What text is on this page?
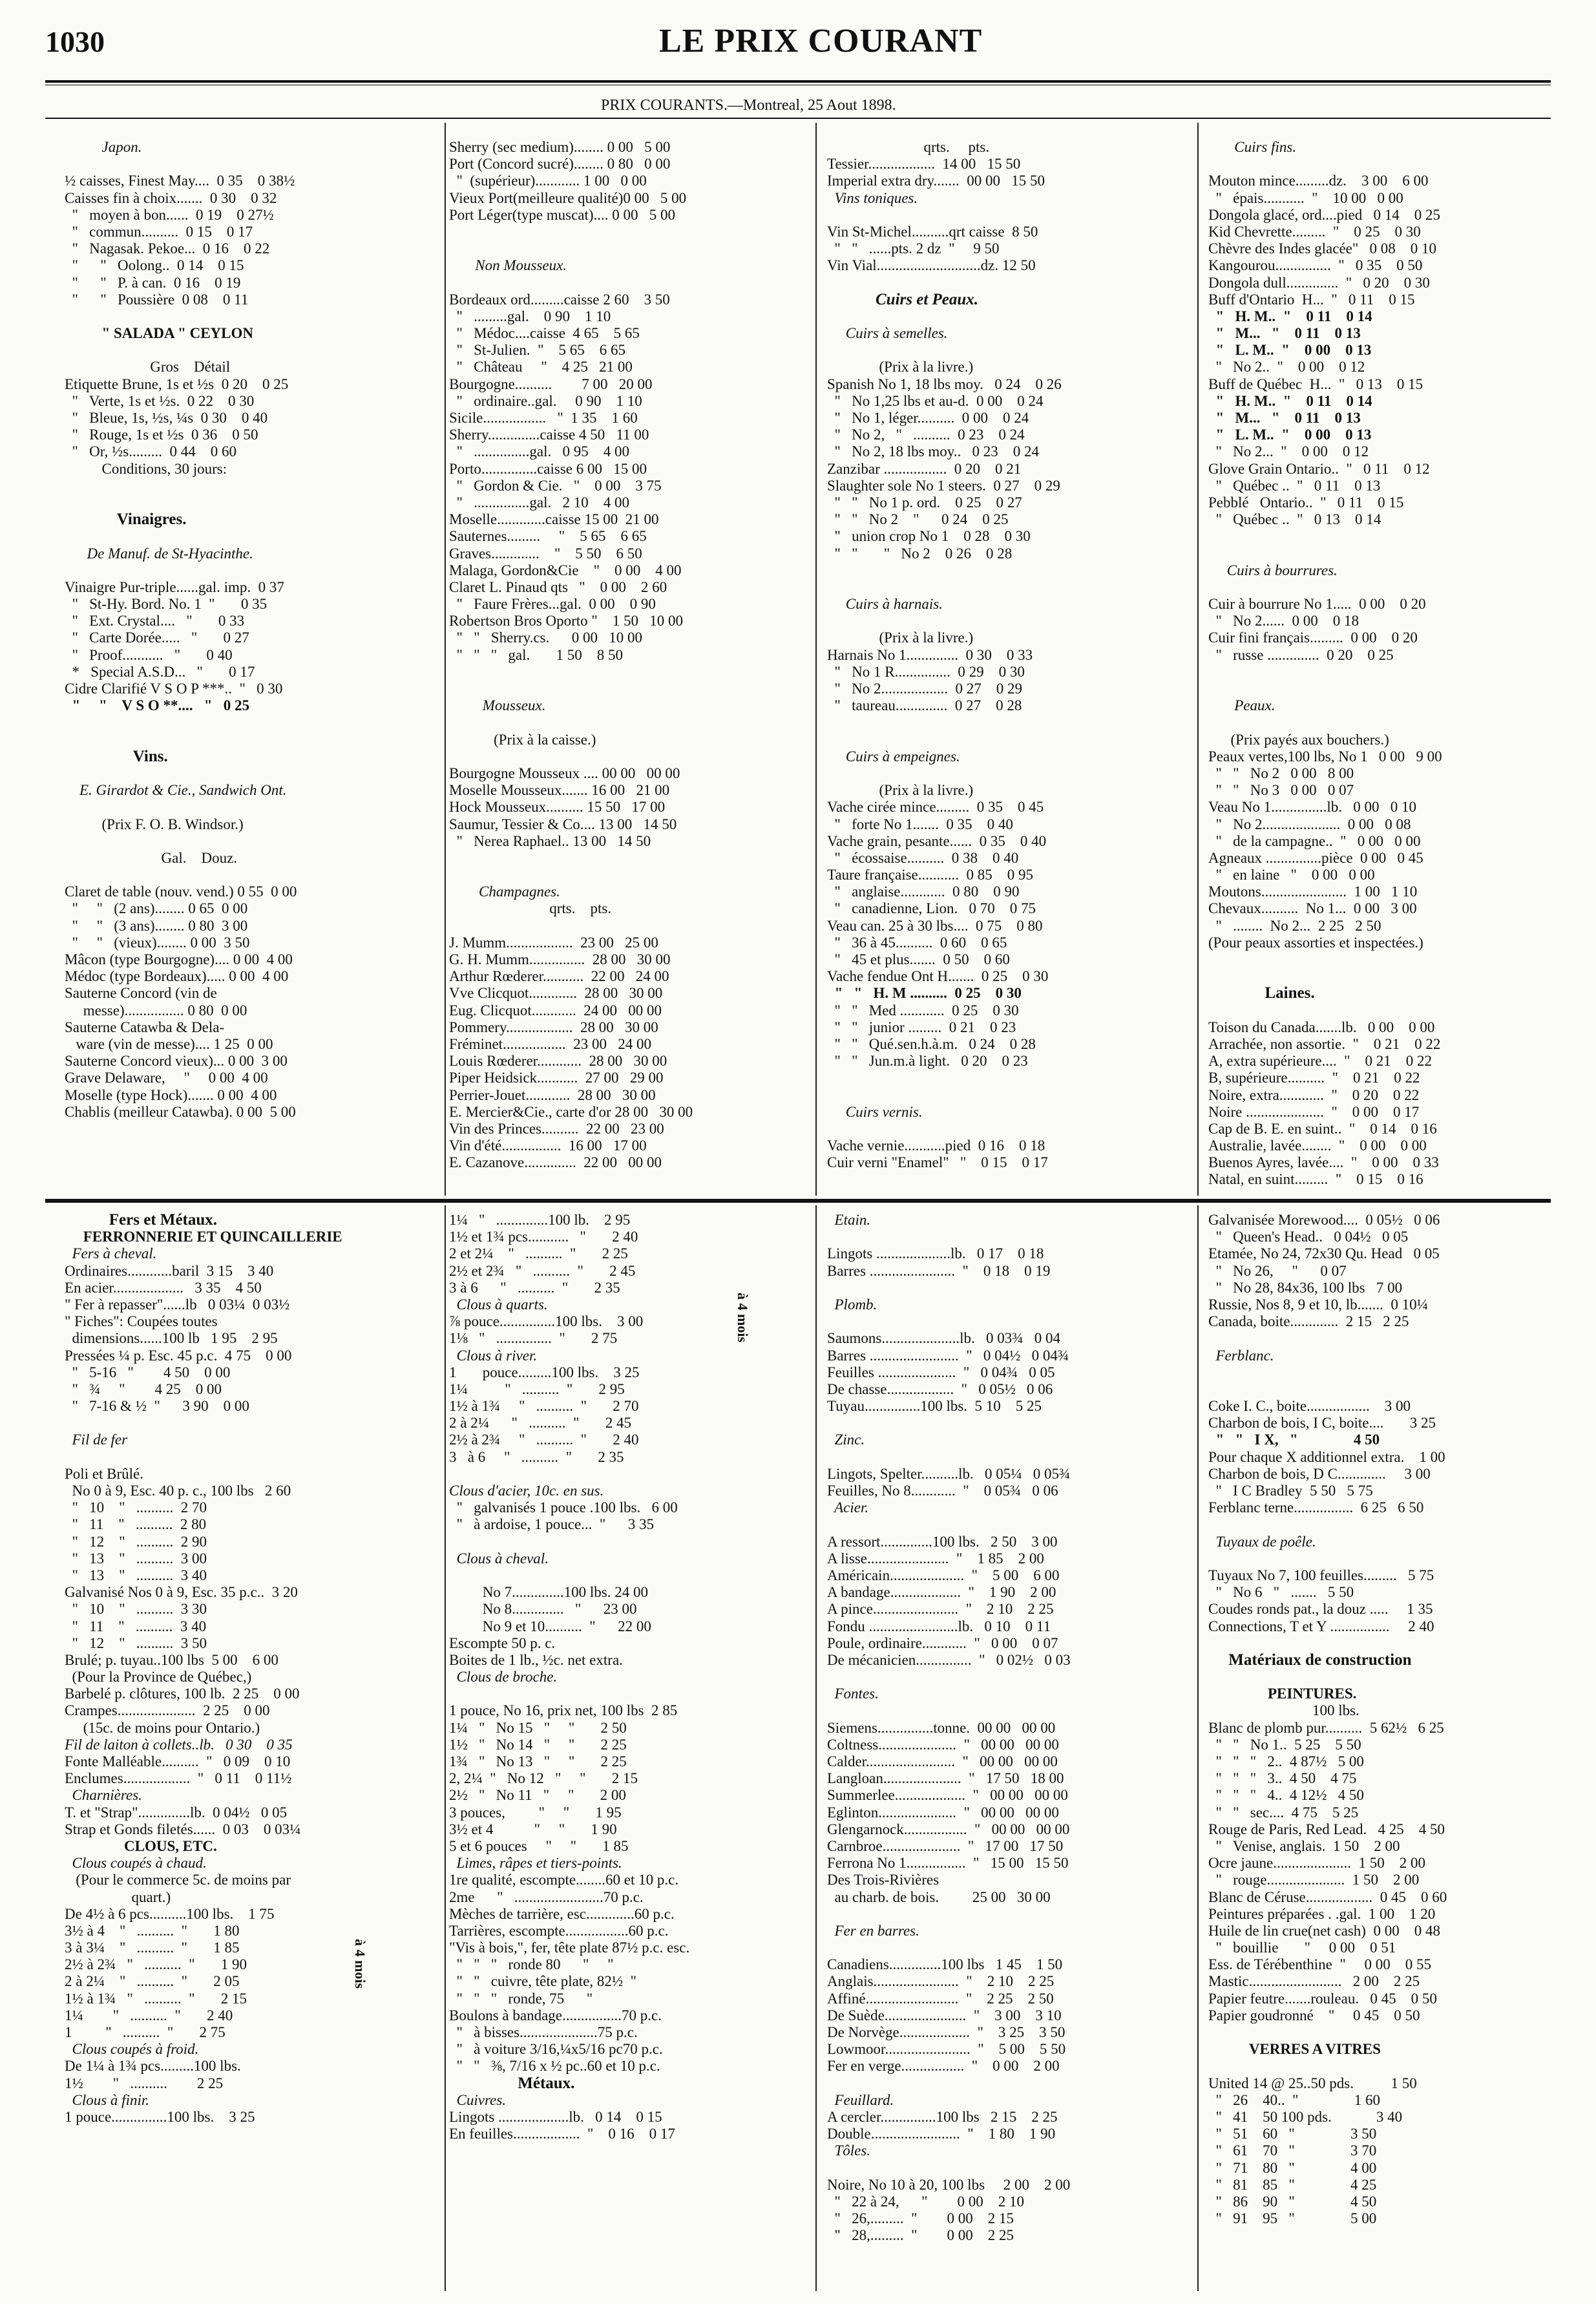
1030	LE PRIX COURANT
PRIX COURANTS.—Montreal, 25 Aout 1898.
Japon.
½ caisses, Finest May....  0 35    0 38½
Caisses fin à choix.......  0 30    0 32
"   moyen à bon......  0 19    0 27½
"   commun..........  0 15    0 17
"   Nagasak. Pekoe...  0 16    0 22
"      "   Oolong..  0 14    0 15
"      "   P. à can.  0 16    0 19
"      "   Poussière  0 08    0 11
" SALADA " CEYLON
Gros    Détail
Etiquette Brune, 1s et ½s  0 20    0 25
"   Verte, 1s et ½s.  0 22    0 30
"   Bleue, 1s, ½s, ¼s  0 30    0 40
"   Rouge, 1s et ½s  0 36    0 50
"   Or, ½s.........  0 44    0 60
Conditions, 30 jours:
Vinaigres.
De Manuf. de St-Hyacinthe.
Vinaigre Pur-triple......gal. imp.  0 37
"   St-Hy. Bord. No. 1  "       0 35
"   Ext. Crystal....   "       0 33
"   Carte Dorée.....   "       0 27
"   Proof...........   "       0 40
*   Special A.S.D...   "       0 17
Cidre Clarifié V S O P ***..  "   0 30
"     "    V S O **....   "   0 25
Vins.
E. Girardot & Cie., Sandwich Ont.
(Prix F. O. B. Windsor.)
Gal.    Douz.
Claret de table (nouv. vend.) 0 55  0 00
"     "   (2 ans)........ 0 65  0 00
"     "   (3 ans)........ 0 80  3 00
"     "   (vieux)........ 0 00  3 50
Mâcon (type Bourgogne).... 0 00  4 00
Médoc (type Bordeaux)..... 0 00  4 00
Sauterne Concord (vin de
messe)................ 0 80  0 00
Sauterne Catawba & Dela-
ware (vin de messe).... 1 25  0 00
Sauterne Concord vieux)... 0 00  3 00
Grave Delaware,     "     0 00  4 00
Moselle (type Hock)....... 0 00  4 00
Chablis (meilleur Catawba). 0 00  5 00
Sherry (sec medium)........ 0 00   5 00
Port (Concord sucré)........ 0 80   0 00
"  (supérieur)............ 1 00   0 00
Vieux Port(meilleure qualité)0 00   5 00
Port Léger(type muscat).... 0 00   5 00
Non Mousseux.
Bordeaux ord.........caisse 2 60    3 50
"   .........gal.    0 90    1 10
"   Médoc....caisse  4 65    5 65
"   St-Julien.  "    5 65    6 65
"   Château     "    4 25   21 00
Bourgogne..........        7 00   20 00
"   ordinaire..gal.     0 90    1 10
Sicile.................   "  1 35    1 60
Sherry..............caisse 4 50   11 00
"   ...............gal.   0 95    4 00
Porto...............caisse 6 00   15 00
"   Gordon & Cie.   "    0 00    3 75
"   ...............gal.   2 10    4 00
Moselle.............caisse 15 00  21 00
Sauternes.........     "    5 65    6 65
Graves.............    "    5 50    6 50
Malaga, Gordon&Cie    "    0 00    4 00
Claret L. Pinaud qts   "    0 00    2 60
"   Faure Frères...gal.  0 00    0 90
Robertson Bros Oporto "    1 50   10 00
"   "   Sherry.cs.      0 00   10 00
"   "   "   gal.       1 50    8 50
Mousseux.
(Prix à la caisse.)
Bourgogne Mousseux .... 00 00   00 00
Moselle Mousseux....... 16 00   21 00
Hock Mousseux.......... 15 50   17 00
Saumur, Tessier & Co.... 13 00   14 50
"   Nerea Raphael.. 13 00   14 50
Champagnes.
qrts.    pts.
J. Mumm..................  23 00   25 00
G. H. Mumm...............  28 00   30 00
Arthur Rœderer...........  22 00   24 00
Vve Clicquot.............  28 00   30 00
Eug. Clicquot............  24 00   00 00
Pommery..................  28 00   30 00
Fréminet.................  23 00   24 00
Louis Rœderer............  28 00   30 00
Piper Heidsick...........  27 00   29 00
Perrier-Jouet............  28 00   30 00
E. Mercier&Cie., carte d'or 28 00   30 00
Vin des Princes..........  22 00   23 00
Vin d'été................  16 00   17 00
E. Cazanove..............  22 00   00 00
qrts.     pts.
Tessier..................  14 00   15 50
Imperial extra dry.......  00 00   15 50
Vins toniques.
Vin St-Michel..........qrt caisse  8 50
"   "   ......pts. 2 dz  "     9 50
Vin Vial............................dz. 12 50
Cuirs et Peaux.
Cuirs à semelles.
(Prix à la livre.)
Spanish No 1, 18 lbs moy.   0 24    0 26
"   No 1,25 lbs et au-d.  0 00    0 24
"   No 1, léger..........  0 00    0 24
"   No 2,   "   ..........  0 23    0 24
"   No 2, 18 lbs moy..   0 23    0 24
Zanzibar .................  0 20    0 21
Slaughter sole No 1 steers.  0 27    0 29
"   "   No 1 p. ord.    0 25    0 27
"   "   No 2    "      0 24    0 25
"   union crop No 1    0 28    0 30
"   "       "   No 2    0 26    0 28
Cuirs à harnais.
(Prix à la livre.)
Harnais No 1..............  0 30    0 33
"   No 1 R...............  0 29    0 30
"   No 2..................  0 27    0 29
"   taureau..............  0 27    0 28
Cuirs à empeignes.
(Prix à la livre.)
Vache cirée mince.........  0 35    0 45
"   forte No 1.......  0 35    0 40
Vache grain, pesante......  0 35    0 40
"   écossaise..........  0 38    0 40
Taure française...........  0 85    0 95
"   anglaise............  0 80    0 90
"   canadienne, Lion.   0 70    0 75
Veau can. 25 à 30 lbs....  0 75    0 80
"   36 à 45..........  0 60    0 65
"   45 et plus.......  0 50    0 60
Vache fendue Ont H.......  0 25    0 30
"   "   H. M ..........  0 25    0 30
"   "   Med ............  0 25    0 30
"   "   junior .........  0 21    0 23
"   "   Qué.sen.h.à.m.   0 24    0 28
"   "   Jun.m.à light.   0 20    0 23
Cuirs vernis.
Vache vernie...........pied  0 16    0 18
Cuir verni "Enamel"   "    0 15    0 17
Cuirs fins.
Mouton mince.........dz.    3 00    6 00
"   épais...........  "    10 00   0 00
Dongola glacé, ord....pied   0 14    0 25
Kid Chevrette.........  "    0 25    0 30
Chèvre des Indes glacée"   0 08    0 10
Kangourou...............  "   0 35    0 50
Dongola dull..............  "   0 20    0 30
Buff d'Ontario  H...  "   0 11    0 15
"   H. M..  "    0 11    0 14
"   M...   "    0 11    0 13
"   L. M..  "    0 00    0 13
"   No 2..  "    0 00    0 12
Buff de Québec  H...  "   0 13    0 15
"   H. M..  "    0 11    0 14
"   M...   "    0 11    0 13
"   L. M..  "    0 00    0 13
"   No 2...  "    0 00    0 12
Glove Grain Ontario..  "   0 11    0 12
"   Québec ..  "   0 11    0 13
Pebblé   Ontario..  "   0 11    0 15
"   Québec ..  "   0 13    0 14
Cuirs à bourrures.
Cuir à bourrure No 1.....  0 00    0 20
"   No 2......  0 00    0 18
Cuir fini français.........  0 00    0 20
"   russe ..............  0 20    0 25
Peaux.
(Prix payés aux bouchers.)
Peaux vertes,100 lbs, No 1   0 00   9 00
"   "   No 2   0 00   8 00
"   "   No 3   0 00   0 07
Veau No 1...............lb.   0 00   0 10
"   No 2.....................  0 00   0 08
"   de la campagne..  "   0 00   0 00
Agneaux ...............pièce  0 00   0 45
"   en laine   "    0 00   0 00
Moutons.......................  1 00   1 10
Chevaux..........  No 1...  0 00   3 00
"   ........  No 2...  2 25   2 50
(Pour peaux assorties et inspectées.)
Laines.
Toison du Canada.......lb.   0 00    0 00
Arrachée, non assortie.  "    0 21    0 22
A, extra supérieure....  "    0 21    0 22
B, supérieure..........  "    0 21    0 22
Noire, extra............  "    0 20    0 22
Noire .....................  "    0 00    0 17
Cap de B. E. en suint..  "    0 14    0 16
Australie, lavée........  "    0 00    0 00
Buenos Ayres, lavée....  "    0 00    0 33
Natal, en suint.........  "    0 15    0 16
Fers et Métaux.
FERRONNERIE ET QUINCAILLERIE
Fers à cheval.
Ordinaires............baril  3 15    3 40
En acier...................   3 35    4 50
" Fer à repasser"......lb   0 03¼  0 03½
" Fiches": Coupées toutes
dimensions......100 lb   1 95    2 95
Pressées ¼ p. Esc. 45 p.c.  4 75    0 00
"   5-16   "        4 50    0 00
"   ¾     "        4 25    0 00
"   7-16 & ½  "      3 90    0 00
Fil de fer
Poli et Brûlé.
No 0 à 9, Esc. 40 p. c., 100 lbs   2 60
"   10    "   ..........  2 70
"   11    "   ..........  2 80
"   12    "   ..........  2 90
"   13    "   ..........  3 00
"   13    "   ..........  3 40
Galvanisé Nos 0 à 9, Esc. 35 p.c..  3 20
"   10    "   ..........  3 30
"   11    "   ..........  3 40
"   12    "   ..........  3 50
Brulé; p. tuyau..100 lbs  5 00    6 00
(Pour la Province de Québec,)
Barbelé p. clôtures, 100 lb.  2 25    0 00
Crampes.....................  2 25    0 00
(15c. de moins pour Ontario.)
Fil de laiton à collets..lb.   0 30    0 35
Fonte Malléable..........  "   0 09    0 10
Enclumes..................  "   0 11    0 11½
Charnières.
T. et "Strap"..............lb.  0 04½   0 05
Strap et Gonds filetés......  0 03    0 03¼
CLOUS, ETC.
Clous coupés à chaud.
(Pour le commerce 5c. de moins par
quart.)
De 4½ à 6 pcs..........100 lbs.    1 75
3½ à 4    "   ..........  "       1 80
3 à 3¼    "   ..........  "       1 85
2½ à 2¾   "   ..........  "       1 90
2 à 2¼    "   ..........  "       2 05
1½ à 1¾   "   ..........  "       2 15
1¼        "   ..........  "       2 40
1         "   ..........  "       2 75
Clous coupés à froid.
De 1¼ à 1¾ pcs.........100 lbs.
1½        "   ..........        2 25
Clous à finir.
1 pouce...............100 lbs.    3 25
1¼   "   ..............100 lb.    2 95
1½ et 1¾ pcs...........   "       2 40
2 et 2¼    "   ..........  "       2 25
2½ et 2¾   "   ..........  "       2 45
3 à 6      "   ..........  "       2 35
Clous à quarts.
⅞ pouce...............100 lbs.    3 00
1⅛   "   ...............  "       2 75
Clous à river.
1       pouce.........100 lbs.    3 25
1¼          "   ..........  "       2 95
1½ à 1¾     "   ..........  "       2 70
2 à 2¼      "   ..........  "       2 45
2½ à 2¾     "   ..........  "       2 40
3   à 6     "   ..........  "       2 35
Clous d'acier, 10c. en sus.
"   galvanisés 1 pouce .100 lbs.   6 00
"   à ardoise, 1 pouce...  "      3 35
Clous à cheval.
No 7..............100 lbs. 24 00
No 8..............   "      23 00
No 9 et 10..........  "      22 00
Escompte 50 p. c.
Boites de 1 lb., ½c. net extra.
Clous de broche.
1 pouce, No 16, prix net, 100 lbs  2 85
1¼   "   No 15   "     "       2 50
1½   "   No 14   "     "       2 25
1¾   "   No 13   "     "       2 25
2, 2¼  "   No 12   "     "       2 15
2½   "   No 11   "     "       2 00
3 pouces,         "     "       1 95
3½ et 4           "     "       1 90
5 et 6 pouces     "     "       1 85
Limes, râpes et tiers-points.
1re qualité, escompte........60 et 10 p.c.
2me      "   ........................70 p.c.
Mèches de tarrière, esc.............60 p.c.
Tarrières, escompte.................60 p.c.
"Vis à bois,", fer, tête plate 87½ p.c. esc.
"   "   "   ronde 80      "     "
"   "   cuivre, tête plate, 82½  "
"   "   "   ronde, 75      "
Boulons à bandage................70 p.c.
"   à bisses.....................75 p.c.
"   à voiture 3/16,¼x5/16 pc70 p.c.
"   "   ⅜, 7/16 x ½ pc..60 et 10 p.c.
Métaux.
Cuivres.
Lingots ...................lb.   0 14    0 15
En feuilles..................  "    0 16    0 17
Etain.
Lingots ....................lb.   0 17    0 18
Barres .......................  "    0 18    0 19
Plomb.
Saumons.....................lb.   0 03¾   0 04
Barres ........................  "   0 04½   0 04¾
Feuilles .....................  "   0 04¾   0 05
De chasse..................  "   0 05½   0 06
Tuyau...............100 lbs.  5 10    5 25
Zinc.
Lingots, Spelter..........lb.   0 05¼   0 05¾
Feuilles, No 8............  "    0 05¾   0 06
Acier.
A ressort..............100 lbs.   2 50    3 00
A lisse......................  "    1 85    2 00
Américain....................  "    5 00    6 00
A bandage...................  "    1 90    2 00
A pince.......................  "    2 10    2 25
Fondu ........................lb.   0 10    0 11
Poule, ordinaire............  "   0 00    0 07
De mécanicien...............  "   0 02½   0 03
Fontes.
Siemens...............tonne.  00 00   00 00
Coltness.....................  "   00 00   00 00
Calder........................  "   00 00   00 00
Langloan.....................  "   17 50   18 00
Summerlee...................  "   00 00   00 00
Eglinton.....................  "   00 00   00 00
Glengarnock.................  "   00 00   00 00
Carnbroe.....................  "   17 00   17 50
Ferrona No 1................  "   15 00   15 50
Des Trois-Rivières
au charb. de bois.         25 00   30 00
Fer en barres.
Canadiens..............100 lbs   1 45    1 50
Anglais.......................  "    2 10    2 25
Affiné.........................  "    2 25    2 50
De Suède......................  "    3 00    3 10
De Norvège...................  "    3 25    3 50
Lowmoor.......................  "    5 00    5 50
Fer en verge.................  "    0 00    2 00
Feuillard.
A cercler...............100 lbs   2 15    2 25
Double........................  "    1 80    1 90
Tôles.
Noire, No 10 à 20, 100 lbs     2 00    2 00
"   22 à 24,      "        0 00    2 10
"   26,.........  "        0 00    2 15
"   28,.........  "        0 00    2 25
Galvanisée Morewood....  0 05½   0 06
"   Queen's Head..   0 04½   0 05
Etamée, No 24, 72x30 Qu. Head   0 05
"   No 26,     "      0 07
"   No 28, 84x36, 100 lbs   7 00
Russie, Nos 8, 9 et 10, lb.......  0 10¼
Canada, boite.............  2 15   2 25
Ferblanc.
Coke I. C., boite.................    3 00
Charbon de bois, I C, boite....       3 25
"   "   I X,   "               4 50
Pour chaque X additionnel extra.    1 00
Charbon de bois, D C.............     3 00
"   I C Bradley  5 50   5 75
Ferblanc terne................  6 25   6 50
Tuyaux de poêle.
Tuyaux No 7, 100 feuilles.........   5 75
"   No 6   "   .......   5 50
Coudes ronds pat., la douz .....     1 35
Connections, T et Y ................     2 40
Matériaux de construction
PEINTURES.
100 lbs.
Blanc de plomb pur..........  5 62½   6 25
"   "   No 1..  5 25    5 50
"   "   "   2..  4 87½   5 00
"   "   "   3..  4 50    4 75
"   "   "   4..  4 12½   4 50
"   "   sec....  4 75    5 25
Rouge de Paris, Red Lead.   4 25    4 50
"   Venise, anglais.  1 50    2 00
Ocre jaune.....................  1 50    2 00
"   rouge.....................  1 50    2 00
Blanc de Céruse..................  0 45    0 60
Peintures préparées . .gal.  1 00    1 20
Huile de lin crue(net cash)  0 00    0 48
"   bouillie       "     0 00    0 51
Ess. de Térébenthine  "     0 00    0 55
Mastic.........................   2 00    2 25
Papier feutre.......rouleau.   0 45    0 50
Papier goudronné    "     0 45    0 50
VERRES A VITRES
United 14 @ 25..50 pds.          1 50
"   26    40..  "               1 60
"   41    50 100 pds.            3 40
"   51    60   "               3 50
"   61    70   "               3 70
"   71    80   "               4 00
"   81    85   "               4 25
"   86    90   "               4 50
"   91    95   "               5 00
à 4 mois
à 4 mois
